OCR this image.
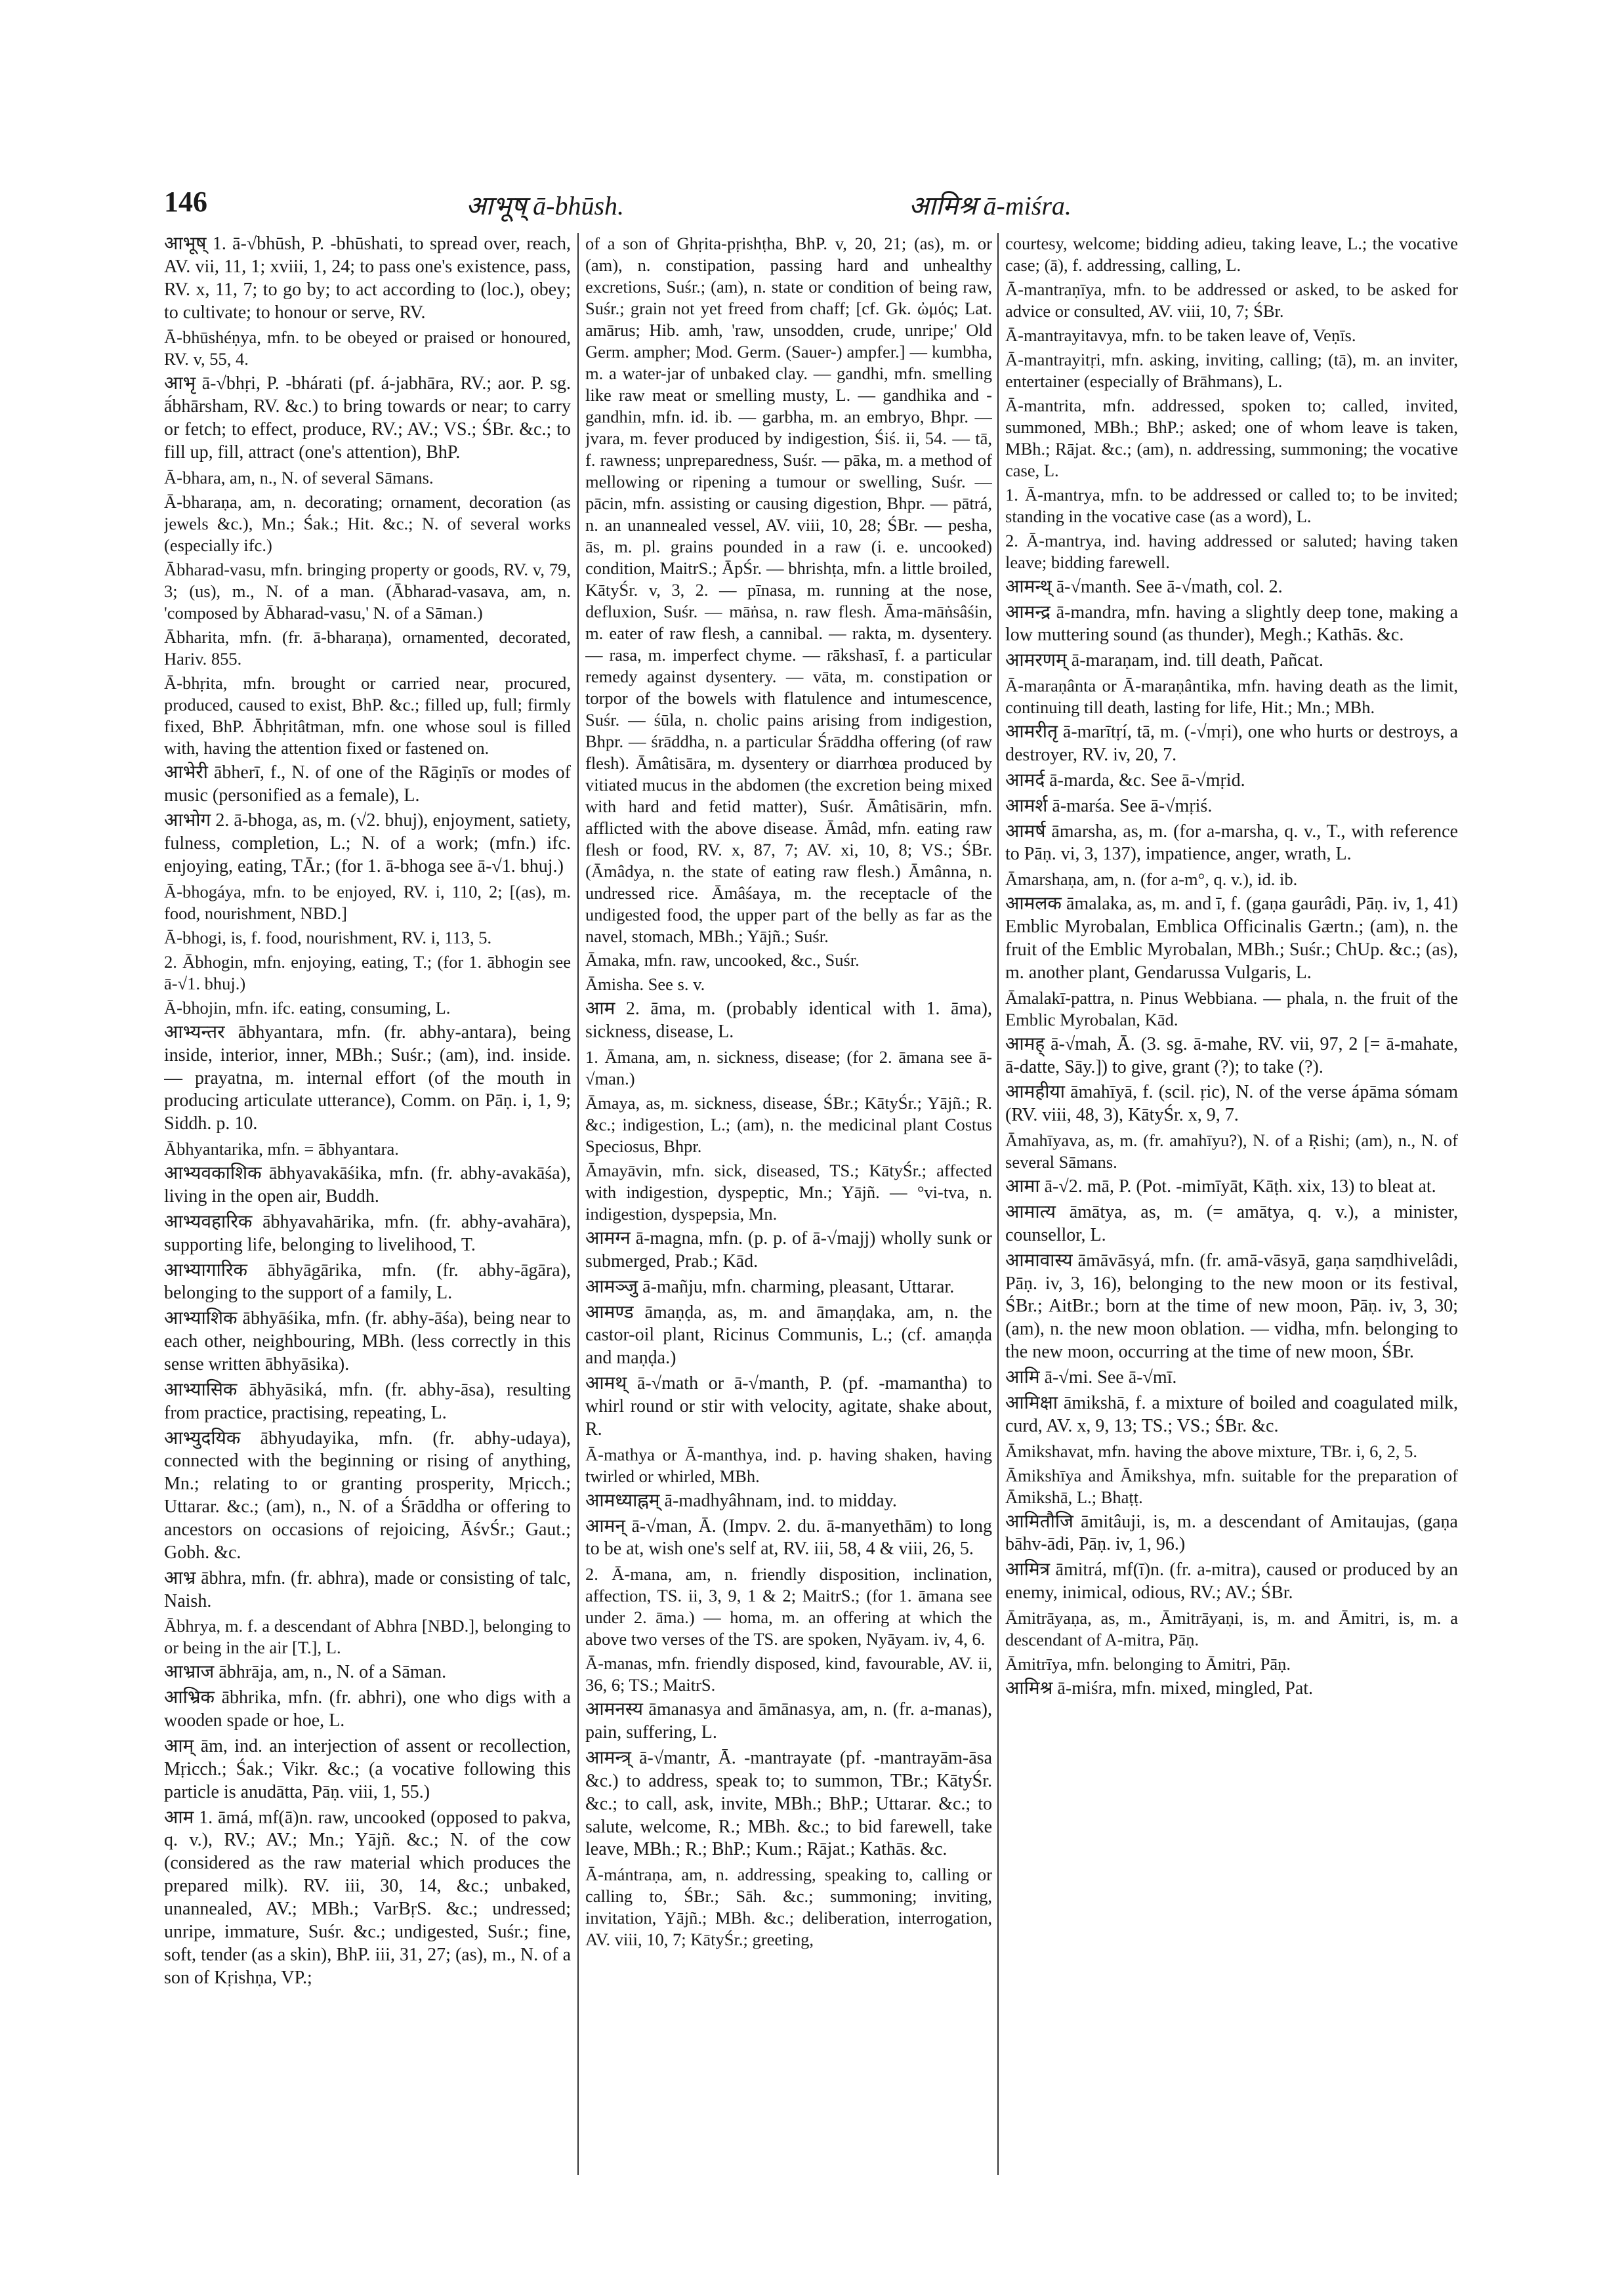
146	आभूष् ā-bhūsh.	आमिश्र ā-miśra.

आभूष् 1. ā-√bhūsh, P. -bhūshati, to spread over, reach, AV. vii, 11, 1; xviii, 1, 24; to pass one's existence, pass, RV. x, 11, 7; to go by; to act according to (loc.), obey; to cultivate; to honour or serve, RV.

Ā-bhūshéṇya, mfn. to be obeyed or praised or honoured, RV. v, 55, 4.

आभृ ā-√bhṛi, P. -bhárati (pf. á-jabhāra, RV.; aor. P. sg. ā́bhārsham, RV. &c.) to bring towards or near; to carry or fetch; to effect, produce, RV.; AV.; VS.; ŚBr. &c.; to fill up, fill, attract (one's attention), BhP.

Ā-bhara, am, n., N. of several Sāmans.

Ā-bharaṇa, am, n. decorating; ornament, decoration (as jewels &c.), Mn.; Śak.; Hit. &c.; N. of several works (especially ifc.)

Ābharad-vasu, mfn. bringing property or goods, RV. v, 79, 3; (us), m., N. of a man. (Ābharad-vasava, am, n. 'composed by Ābharad-vasu,' N. of a Sāman.)

Ābharita, mfn. (fr. ā-bharaṇa), ornamented, decorated, Hariv. 855.

Ā-bhṛita, mfn. brought or carried near, procured, produced, caused to exist, BhP. &c.; filled up, full; firmly fixed, BhP. Ābhṛitâtman, mfn. one whose soul is filled with, having the attention fixed or fastened on.

आभेरी ābherī, f., N. of one of the Rāgiṇīs or modes of music (personified as a female), L.

आभोग 2. ā-bhoga, as, m. (√2. bhuj), enjoyment, satiety, fulness, completion, L.; N. of a work; (mfn.) ifc. enjoying, eating, TĀr.; (for 1. ā-bhoga see ā-√1. bhuj.)

Ā-bhogáya, mfn. to be enjoyed, RV. i, 110, 2; [(as), m. food, nourishment, NBD.]

Ā-bhogi, is, f. food, nourishment, RV. i, 113, 5.

2. Ābhogin, mfn. enjoying, eating, T.; (for 1. ābhogin see ā-√1. bhuj.)

Ā-bhojin, mfn. ifc. eating, consuming, L.

आभ्यन्तर ābhyantara, mfn. (fr. abhy-antara), being inside, interior, inner, MBh.; Suśr.; (am), ind. inside. — prayatna, m. internal effort (of the mouth in producing articulate utterance), Comm. on Pāṇ. i, 1, 9; Siddh. p. 10.

Ābhyantarika, mfn. = ābhyantara.

आभ्यवकाशिक ābhyavakāśika, mfn. (fr. abhy-avakāśa), living in the open air, Buddh.

आभ्यवहारिक ābhyavahārika, mfn. (fr. abhy-avahāra), supporting life, belonging to livelihood, T.

आभ्यागारिक ābhyāgārika, mfn. (fr. abhy-āgāra), belonging to the support of a family, L.

आभ्याशिक ābhyāśika, mfn. (fr. abhy-āśa), being near to each other, neighbouring, MBh. (less correctly in this sense written ābhyāsika).

आभ्यासिक ābhyāsiká, mfn. (fr. abhy-āsa), resulting from practice, practising, repeating, L.

आभ्युदयिक ābhyudayika, mfn. (fr. abhy-udaya), connected with the beginning or rising of anything, Mn.; relating to or granting prosperity, Mṛicch.; Uttarar. &c.; (am), n., N. of a Śrāddha or offering to ancestors on occasions of rejoicing, ĀśvŚr.; Gaut.; Gobh. &c.

आभ्र ābhra, mfn. (fr. abhra), made or consisting of talc, Naish.

Ābhrya, m. f. a descendant of Abhra [NBD.], belonging to or being in the air [T.], L.

आभ्राज ābhrāja, am, n., N. of a Sāman.

आभ्रिक ābhrika, mfn. (fr. abhri), one who digs with a wooden spade or hoe, L.

आम् ām, ind. an interjection of assent or recollection, Mṛicch.; Śak.; Vikr. &c.; (a vocative following this particle is anudātta, Pāṇ. viii, 1, 55.)

आम 1. āmá, mf(ā)n. raw, uncooked (opposed to pakva, q. v.), RV.; AV.; Mn.; Yājñ. &c.; N. of the cow (considered as the raw material which produces the prepared milk). RV. iii, 30, 14, &c.; unbaked, unannealed, AV.; MBh.; VarBṛS. &c.; undressed; unripe, immature, Suśr. &c.; undigested, Suśr.; fine, soft, tender (as a skin), BhP. iii, 31, 27; (as), m., N. of a son of Kṛishṇa, VP.;

of a son of Ghṛita-pṛishṭha, BhP. v, 20, 21; (as), m. or (am), n. constipation, passing hard and unhealthy excretions, Suśr.; (am), n. state or condition of being raw, Suśr.; grain not yet freed from chaff; [cf. Gk. ὠμός; Lat. amārus; Hib. amh, 'raw, unsodden, crude, unripe;' Old Germ. ampher; Mod. Germ. (Sauer-) ampfer.] — kumbha, m. a water-jar of unbaked clay. — gandhi, mfn. smelling like raw meat or smelling musty, L. — gandhika and -gandhin, mfn. id. ib. — garbha, m. an embryo, Bhpr. — jvara, m. fever produced by indigestion, Śiś. ii, 54. — tā, f. rawness; unpreparedness, Suśr. — pāka, m. a method of mellowing or ripening a tumour or swelling, Suśr. — pācin, mfn. assisting or causing digestion, Bhpr. — pātrá, n. an unannealed vessel, AV. viii, 10, 28; ŚBr. — pesha, ās, m. pl. grains pounded in a raw (i. e. uncooked) condition, MaitrS.; ĀpŚr. — bhrishṭa, mfn. a little broiled, KātyŚr. v, 3, 2. — pīnasa, m. running at the nose, defluxion, Suśr. — māṅsa, n. raw flesh. Āma-māṅsâśin, m. eater of raw flesh, a cannibal. — rakta, m. dysentery. — rasa, m. imperfect chyme. — rākshasī, f. a particular remedy against dysentery. — vāta, m. constipation or torpor of the bowels with flatulence and intumescence, Suśr. — śūla, n. cholic pains arising from indigestion, Bhpr. — śrāddha, n. a particular Śrāddha offering (of raw flesh). Āmâtisāra, m. dysentery or diarrhœa produced by vitiated mucus in the abdomen (the excretion being mixed with hard and fetid matter), Suśr. Āmâtisārin, mfn. afflicted with the above disease. Āmâd, mfn. eating raw flesh or food, RV. x, 87, 7; AV. xi, 10, 8; VS.; ŚBr. (Āmâdya, n. the state of eating raw flesh.) Āmânna, n. undressed rice. Āmâśaya, m. the receptacle of the undigested food, the upper part of the belly as far as the navel, stomach, MBh.; Yājñ.; Suśr.

Āmaka, mfn. raw, uncooked, &c., Suśr.

Āmisha. See s. v.

आम 2. āma, m. (probably identical with 1. āma), sickness, disease, L.

1. Āmana, am, n. sickness, disease; (for 2. āmana see ā-√man.)

Āmaya, as, m. sickness, disease, ŚBr.; KātyŚr.; Yājñ.; R. &c.; indigestion, L.; (am), n. the medicinal plant Costus Speciosus, Bhpr.

Āmayāvin, mfn. sick, diseased, TS.; KātyŚr.; affected with indigestion, dyspeptic, Mn.; Yājñ. — °vi-tva, n. indigestion, dyspepsia, Mn.

आमग्न ā-magna, mfn. (p. p. of ā-√majj) wholly sunk or submerged, Prab.; Kād.

आमञ्जु ā-mañju, mfn. charming, pleasant, Uttarar.

आमण्ड āmaṇḍa, as, m. and āmaṇḍaka, am, n. the castor-oil plant, Ricinus Communis, L.; (cf. amaṇḍa and maṇḍa.)

आमथ् ā-√math or ā-√manth, P. (pf. -mamantha) to whirl round or stir with velocity, agitate, shake about, R.

Ā-mathya or Ā-manthya, ind. p. having shaken, having twirled or whirled, MBh.

आमध्याह्नम् ā-madhyâhnam, ind. to midday.

आमन् ā-√man, Ā. (Impv. 2. du. ā-manyethām) to long to be at, wish one's self at, RV. iii, 58, 4 & viii, 26, 5.

2. Ā-mana, am, n. friendly disposition, inclination, affection, TS. ii, 3, 9, 1 & 2; MaitrS.; (for 1. āmana see under 2. āma.) — homa, m. an offering at which the above two verses of the TS. are spoken, Nyāyam. iv, 4, 6.

Ā-manas, mfn. friendly disposed, kind, favourable, AV. ii, 36, 6; TS.; MaitrS.

आमनस्य āmanasya and āmānasya, am, n. (fr. a-manas), pain, suffering, L.

आमन्त्र् ā-√mantr, Ā. -mantrayate (pf. -mantrayām-āsa &c.) to address, speak to; to summon, TBr.; KātyŚr. &c.; to call, ask, invite, MBh.; BhP.; Uttarar. &c.; to salute, welcome, R.; MBh. &c.; to bid farewell, take leave, MBh.; R.; BhP.; Kum.; Rājat.; Kathās. &c.

Ā-mántraṇa, am, n. addressing, speaking to, calling or calling to, ŚBr.; Sāh. &c.; summoning; inviting, invitation, Yājñ.; MBh. &c.; deliberation, interrogation, AV. viii, 10, 7; KātyŚr.; greeting,

courtesy, welcome; bidding adieu, taking leave, L.; the vocative case; (ā), f. addressing, calling, L.

Ā-mantraṇīya, mfn. to be addressed or asked, to be asked for advice or consulted, AV. viii, 10, 7; ŚBr.

Ā-mantrayitavya, mfn. to be taken leave of, Veṇīs.

Ā-mantrayitṛi, mfn. asking, inviting, calling; (tā), m. an inviter, entertainer (especially of Brāhmans), L.

Ā-mantrita, mfn. addressed, spoken to; called, invited, summoned, MBh.; BhP.; asked; one of whom leave is taken, MBh.; Rājat. &c.; (am), n. addressing, summoning; the vocative case, L.

1. Ā-mantrya, mfn. to be addressed or called to; to be invited; standing in the vocative case (as a word), L.

2. Ā-mantrya, ind. having addressed or saluted; having taken leave; bidding farewell.

आमन्थ् ā-√manth. See ā-√math, col. 2.

आमन्द्र ā-mandra, mfn. having a slightly deep tone, making a low muttering sound (as thunder), Megh.; Kathās. &c.

आमरणम् ā-maraṇam, ind. till death, Pañcat.

Ā-maraṇânta or Ā-maraṇântika, mfn. having death as the limit, continuing till death, lasting for life, Hit.; Mn.; MBh.

आमरीतृ ā-marītṛí, tā, m. (-√mṛi), one who hurts or destroys, a destroyer, RV. iv, 20, 7.

आमर्द ā-marda, &c. See ā-√mṛid.

आमर्श ā-marśa. See ā-√mṛiś.

आमर्ष āmarsha, as, m. (for a-marsha, q. v., T., with reference to Pāṇ. vi, 3, 137), impatience, anger, wrath, L.

Āmarshaṇa, am, n. (for a-m°, q. v.), id. ib.

आमलक āmalaka, as, m. and ī, f. (gaṇa gaurâdi, Pāṇ. iv, 1, 41) Emblic Myrobalan, Emblica Officinalis Gærtn.; (am), n. the fruit of the Emblic Myrobalan, MBh.; Suśr.; ChUp. &c.; (as), m. another plant, Gendarussa Vulgaris, L.

Āmalakī-pattra, n. Pinus Webbiana. — phala, n. the fruit of the Emblic Myrobalan, Kād.

आमह् ā-√mah, Ā. (3. sg. ā-mahe, RV. vii, 97, 2 [= ā-mahate, ā-datte, Sāy.]) to give, grant (?); to take (?).

आमहीया āmahīyā, f. (scil. ṛic), N. of the verse ápāma sómam (RV. viii, 48, 3), KātyŚr. x, 9, 7.

Āmahīyava, as, m. (fr. amahīyu?), N. of a Ṛishi; (am), n., N. of several Sāmans.

आमा ā-√2. mā, P. (Pot. -mimīyāt, Kāṭh. xix, 13) to bleat at.

आमात्य āmātya, as, m. (= amātya, q. v.), a minister, counsellor, L.

आमावास्य āmāvāsyá, mfn. (fr. amā-vāsyā, gaṇa saṃdhivelâdi, Pāṇ. iv, 3, 16), belonging to the new moon or its festival, ŚBr.; AitBr.; born at the time of new moon, Pāṇ. iv, 3, 30; (am), n. the new moon oblation. — vidha, mfn. belonging to the new moon, occurring at the time of new moon, ŚBr.

आमि ā-√mi. See ā-√mī.

आमिक्षा āmikshā, f. a mixture of boiled and coagulated milk, curd, AV. x, 9, 13; TS.; VS.; ŚBr. &c.

Āmikshavat, mfn. having the above mixture, TBr. i, 6, 2, 5.

Āmikshīya and Āmikshya, mfn. suitable for the preparation of Āmikshā, L.; Bhaṭṭ.

आमितौजि āmitâuji, is, m. a descendant of Amitaujas, (gaṇa bāhv-ādi, Pāṇ. iv, 1, 96.)

आमित्र āmitrá, mf(ī)n. (fr. a-mitra), caused or produced by an enemy, inimical, odious, RV.; AV.; ŚBr.

Āmitrāyaṇa, as, m., Āmitrāyaṇi, is, m. and Āmitri, is, m. a descendant of A-mitra, Pāṇ.

Āmitrīya, mfn. belonging to Āmitri, Pāṇ.

आमिश्र ā-miśra, mfn. mixed, mingled, Pat.
